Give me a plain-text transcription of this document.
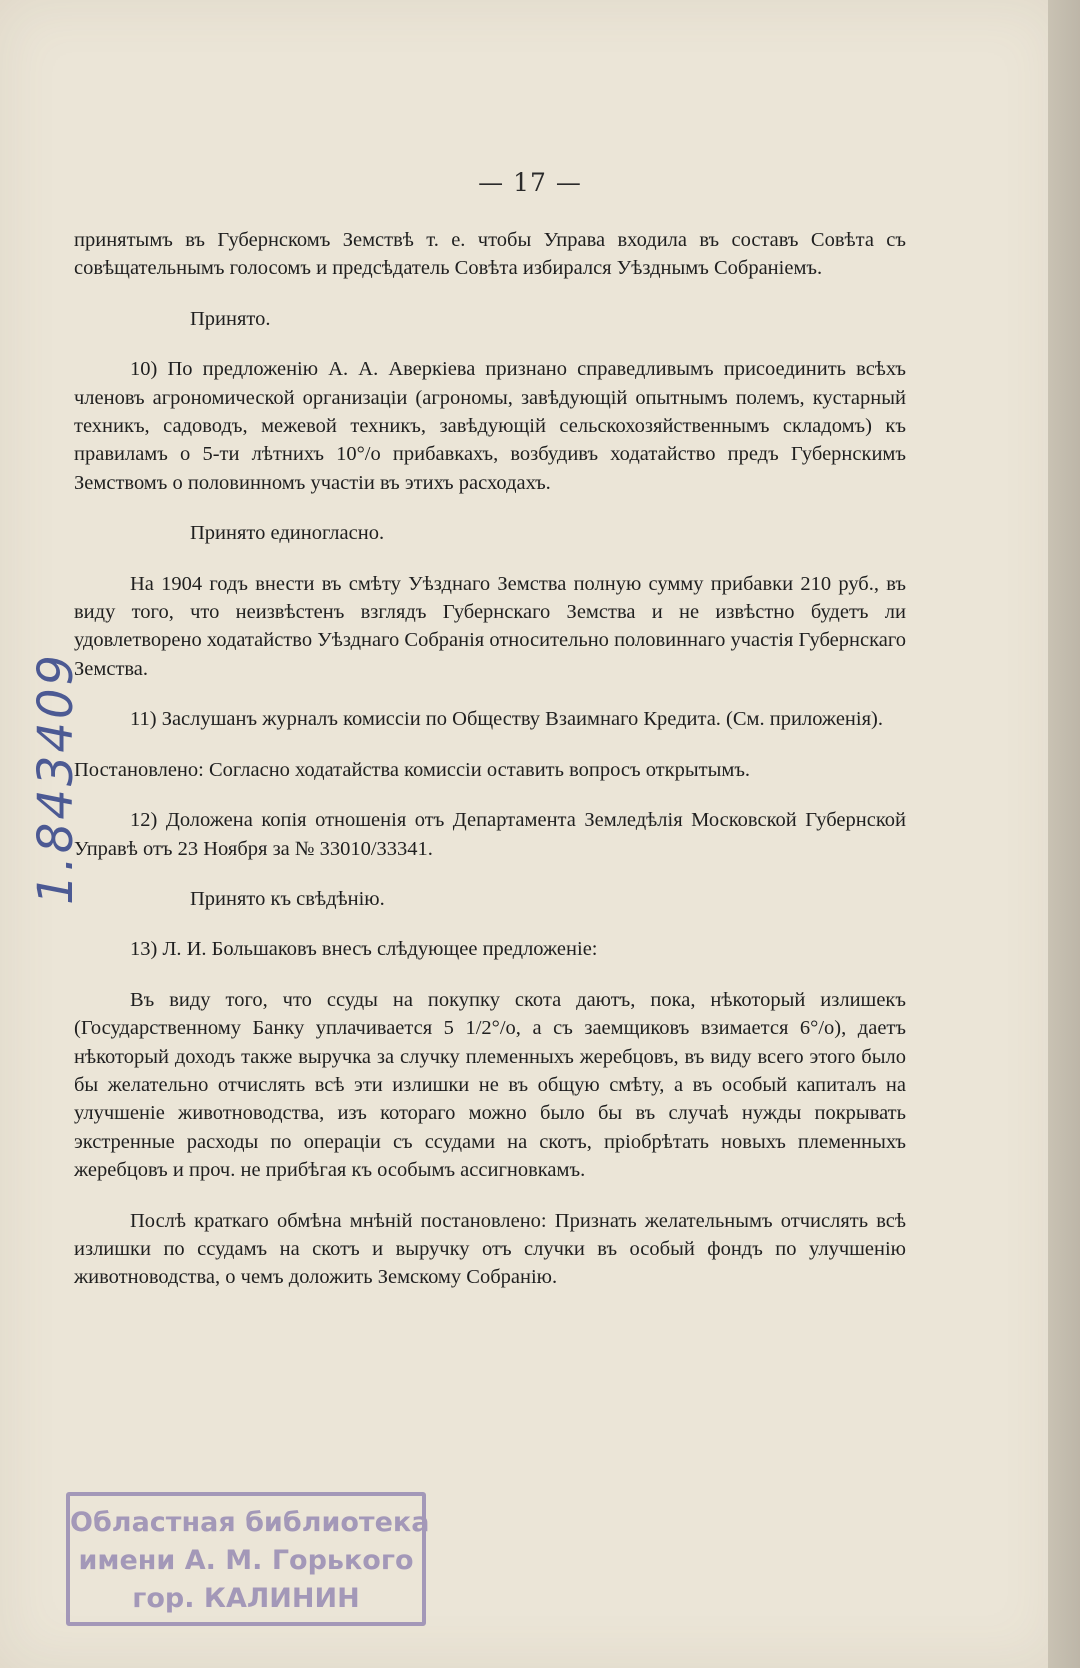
— 17 —

принятымъ въ Губернскомъ Земствѣ т. е. чтобы Управа входила въ составъ Совѣта съ совѣщательнымъ голосомъ и предсѣдатель Совѣта избирался Уѣзднымъ Собраніемъ.

Принято.

10) По предложенію А. А. Аверкіева признано справедливымъ присоединить всѣхъ членовъ агрономической организаціи (агрономы, завѣдующій опытнымъ полемъ, кустарный техникъ, садоводъ, межевой техникъ, завѣдующій сельскохозяйственнымъ складомъ) къ правиламъ о 5-ти лѣтнихъ 10°/о прибавкахъ, возбудивъ ходатайство предъ Губернскимъ Земствомъ о половинномъ участіи въ этихъ расходахъ.

Принято единогласно.

На 1904 годъ внести въ смѣту Уѣзднаго Земства полную сумму прибавки 210 руб., въ виду того, что неизвѣстенъ взглядъ Губернскаго Земства и не извѣстно будетъ ли удовлетворено ходатайство Уѣзднаго Собранія относительно половиннаго участія Губернскаго Земства.

11) Заслушанъ журналъ комиссіи по Обществу Взаимнаго Кредита. (См. приложенія).

Постановлено: Согласно ходатайства комиссіи оставить вопросъ открытымъ.

12) Доложена копія отношенія отъ Департамента Земледѣлія Московской Губернской Управѣ отъ 23 Ноября за № 33010/33341.

Принято къ свѣдѣнію.

13) Л. И. Большаковъ внесъ слѣдующее предложеніе:

Въ виду того, что ссуды на покупку скота даютъ, пока, нѣкоторый излишекъ (Государственному Банку уплачивается 5 1/2°/о, а съ заемщиковъ взимается 6°/о), даетъ нѣкоторый доходъ также выручка за случку племенныхъ жеребцовъ, въ виду всего этого было бы желательно отчислять всѣ эти излишки не въ общую смѣту, а въ особый капиталъ на улучшеніе животноводства, изъ котораго можно было бы въ случаѣ нужды покрывать экстренные расходы по операціи съ ссудами на скотъ, пріобрѣтать новыхъ племенныхъ жеребцовъ и проч. не прибѣгая къ особымъ ассигновкамъ.

Послѣ краткаго обмѣна мнѣній постановлено: Признать желательнымъ отчислять всѣ излишки по ссудамъ на скотъ и выручку отъ случки въ особый фондъ по улучшенію животноводства, о чемъ доложить Земскому Собранію.

1.843409
Областная библиотека
имени А. М. Горького
гор. КАЛИНИН
